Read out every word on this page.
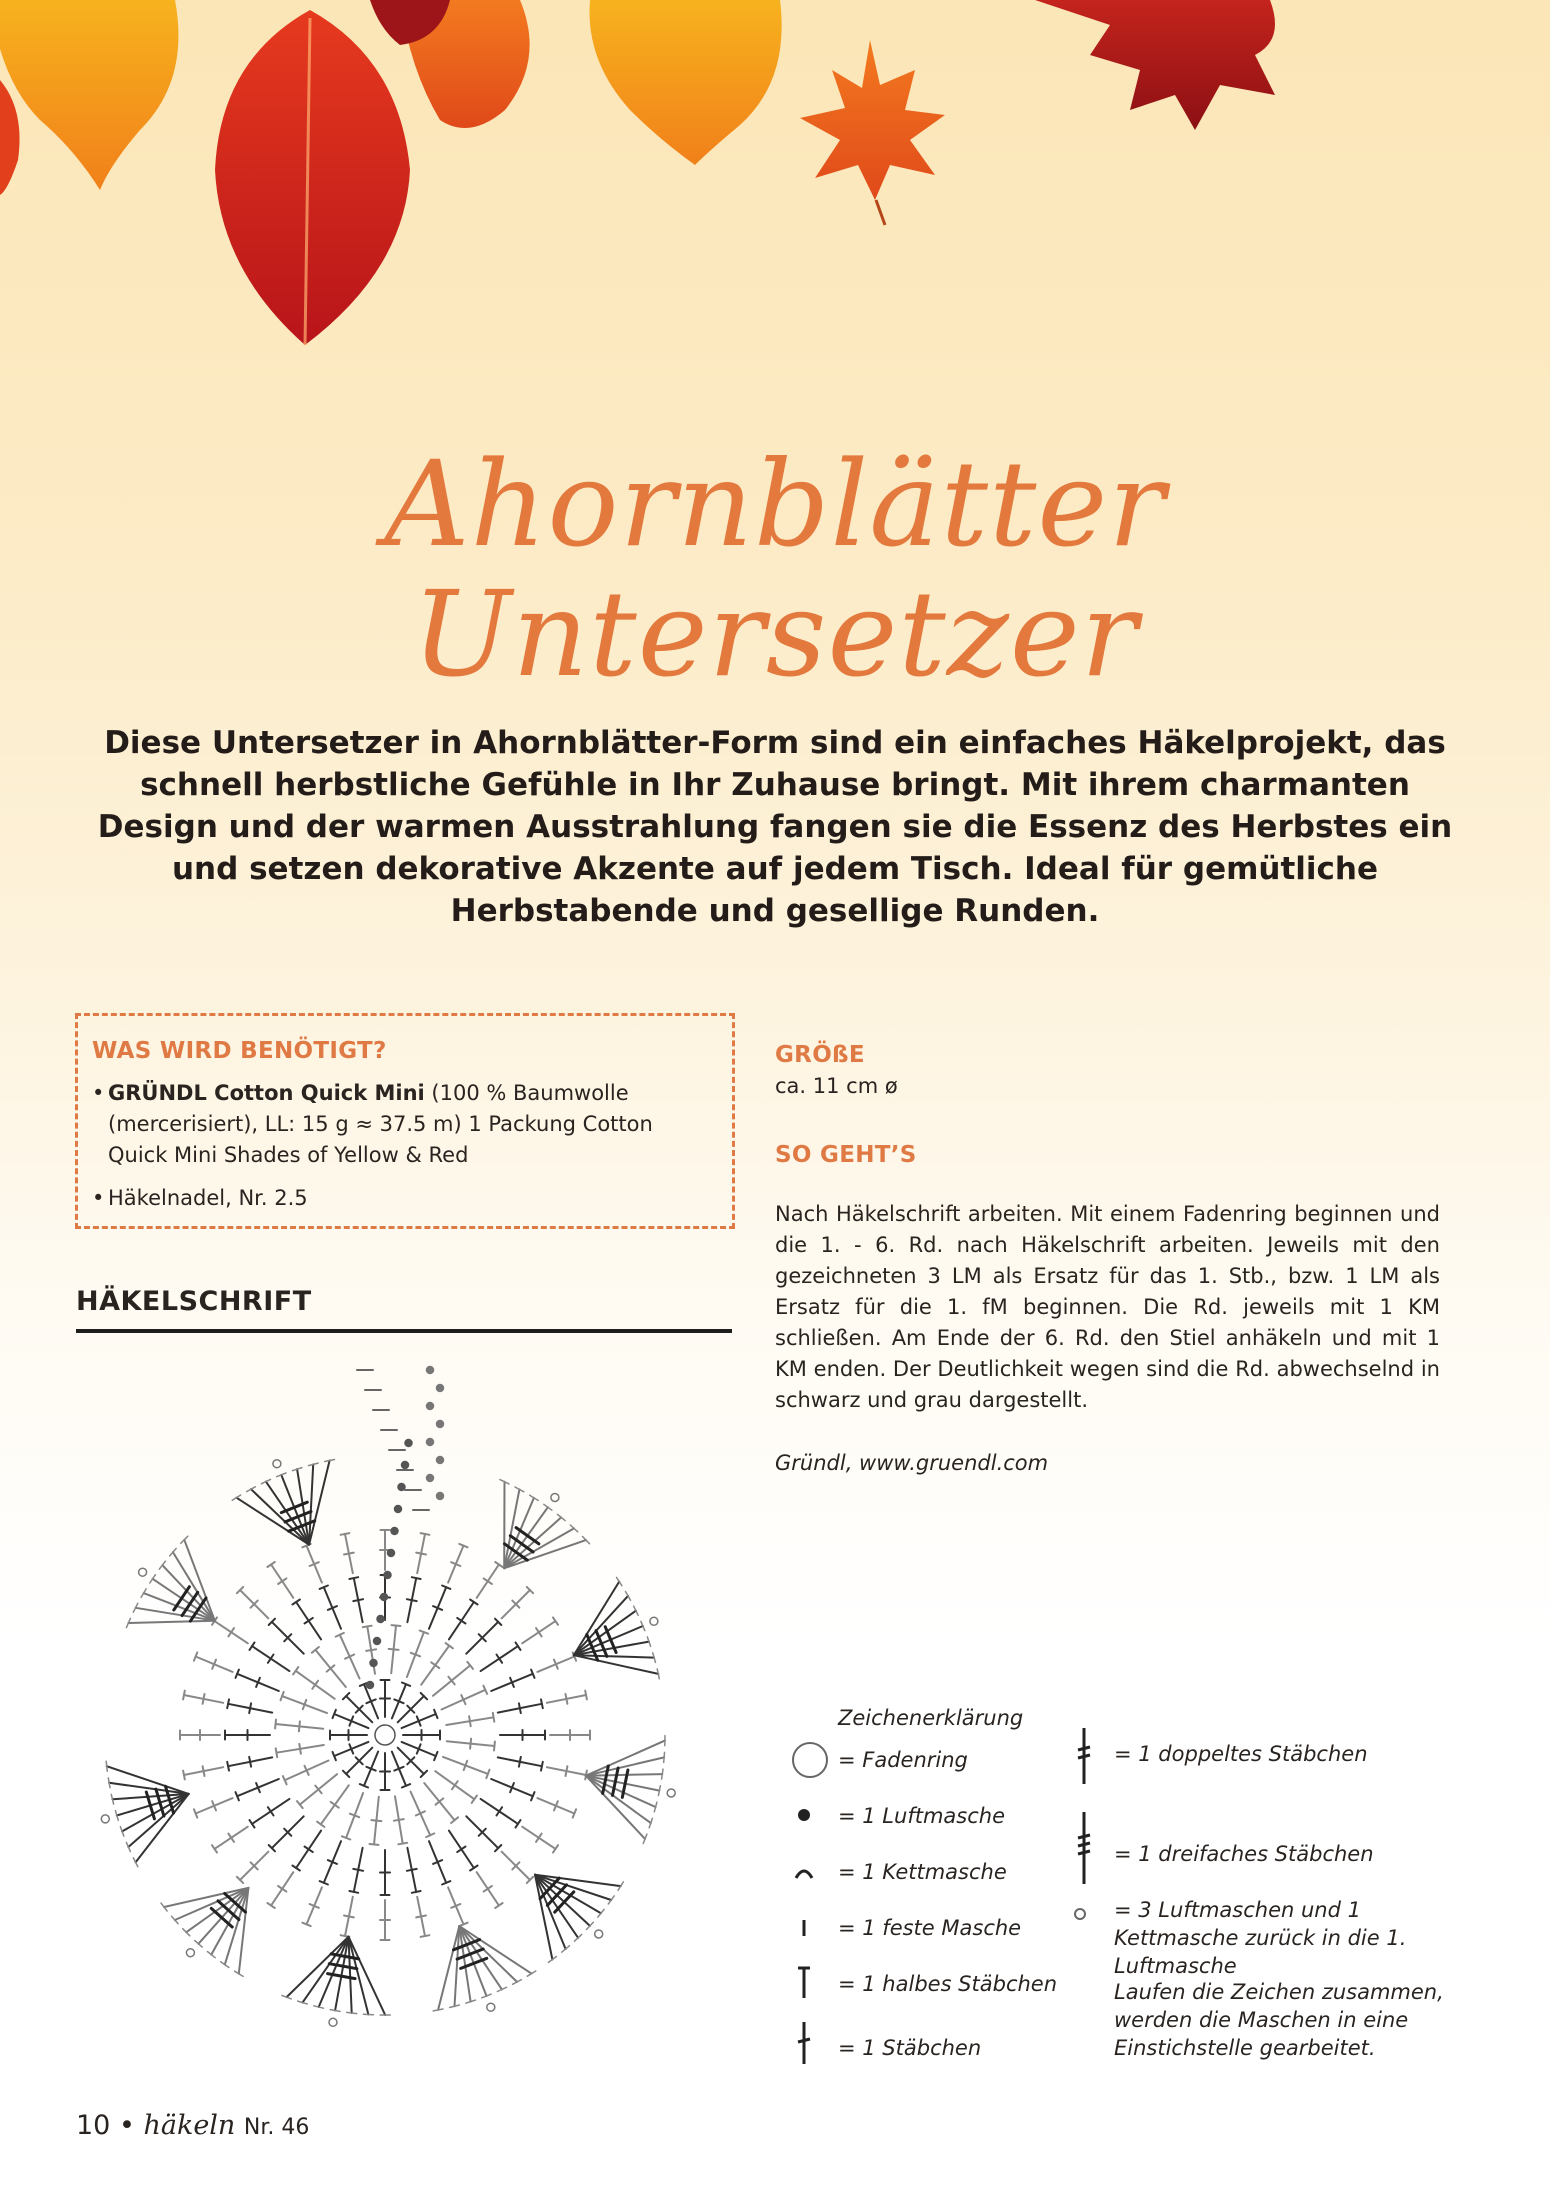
Ahornblätter Untersetzer
Diese Untersetzer in Ahornblätter-Form sind ein einfaches Häkelprojekt, das schnell herbstliche Gefühle in Ihr Zuhause bringt. Mit ihrem charmanten Design und der warmen Ausstrahlung fangen sie die Essenz des Herbstes ein und setzen dekorative Akzente auf jedem Tisch. Ideal für gemütliche Herbstabende und gesellige Runden.
WAS WIRD BENÖTIGT?
• GRÜNDL Cotton Quick Mini (100 % Baumwolle (mercerisiert), LL: 15 g ≈ 37.5 m) 1 Packung Cotton Quick Mini Shades of Yellow & Red
• Häkelnadel, Nr. 2.5
HÄKELSCHRIFT
GRÖßE

ca. 11 cm ø

SO GEHT’S

Nach Häkelschrift arbeiten. Mit einem Fadenring beginnen und die 1. - 6. Rd. nach Häkelschrift arbeiten. Jeweils mit den gezeichneten 3 LM als Ersatz für das 1. Stb., bzw. 1 LM als Ersatz für die 1. fM beginnen. Die Rd. jeweils mit 1 KM schließen. Am Ende der 6. Rd. den Stiel anhäkeln und mit 1 KM enden. Der Deutlichkeit wegen sind die Rd. abwechselnd in schwarz und grau dargestellt.

Gründl, www.gruendl.com

Zeichenerklärung
= Fadenring
= 1 Luftmasche
= 1 Kettmasche
= 1 feste Masche
= 1 halbes Stäbchen
= 1 Stäbchen
= 1 doppeltes Stäbchen
= 1 dreifaches Stäbchen
= 3 Luftmaschen und 1 Kettmasche zurück in die 1. Luftmasche
Laufen die Zeichen zusammen, werden die Maschen in eine Einstichstelle gearbeitet.
10 • häkeln Nr. 46
